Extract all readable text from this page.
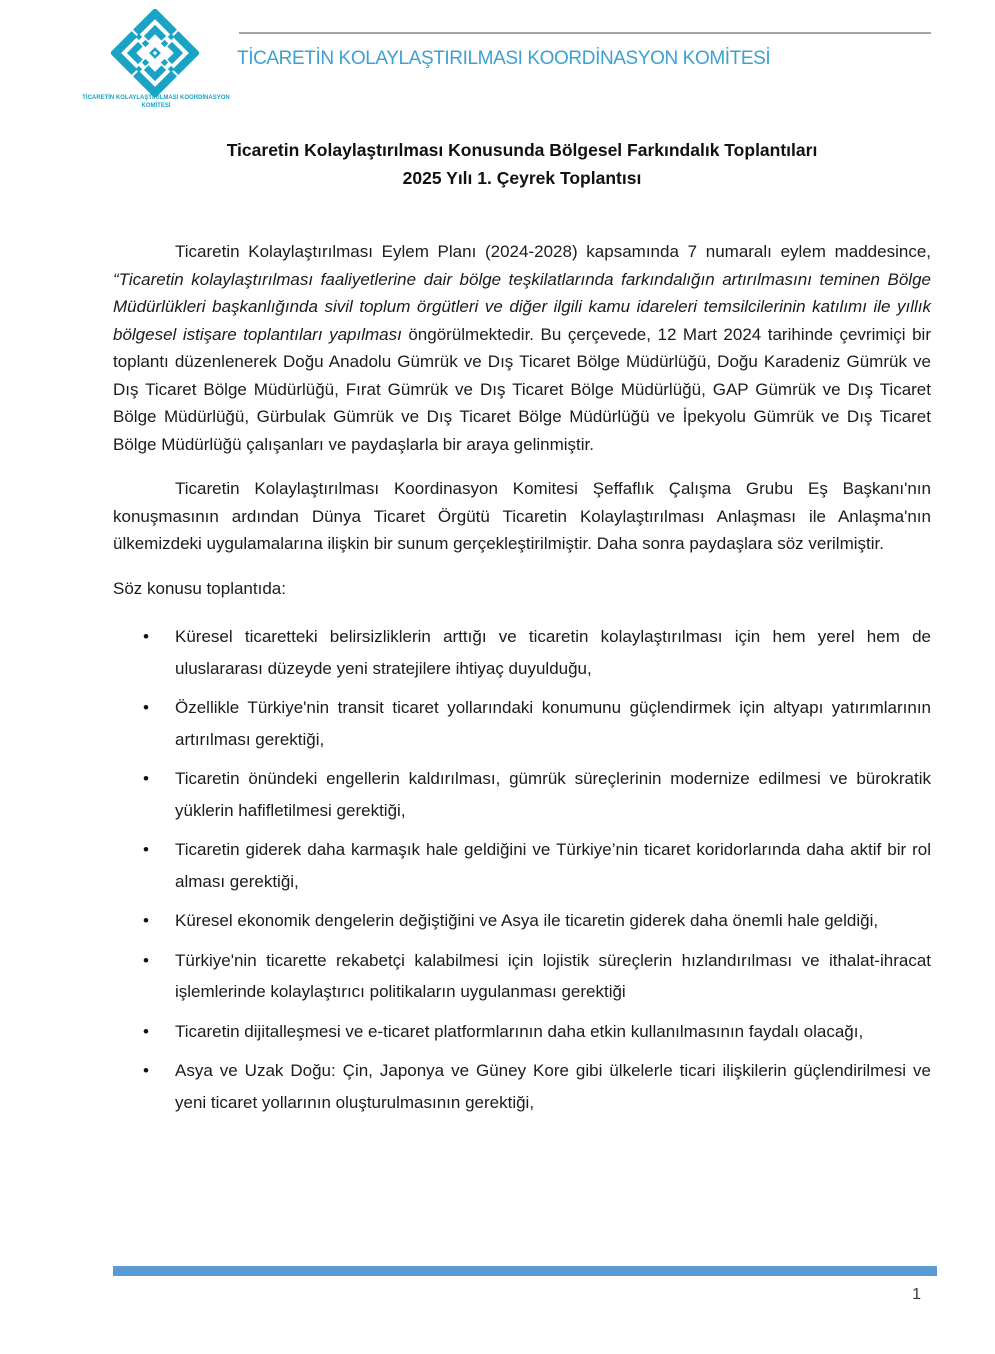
TİCARETİN KOLAYLAŞTIRILMASI KOORDİNASYON
KOMİTESİ
TİCARETİN KOLAYLAŞTIRILMASI KOORDİNASYON KOMİTESİ
Ticaretin Kolaylaştırılması Konusunda Bölgesel Farkındalık Toplantıları
2025 Yılı 1. Çeyrek Toplantısı

Ticaretin Kolaylaştırılması Eylem Planı (2024-2028) kapsamında 7 numaralı eylem maddesince, “Ticaretin kolaylaştırılması faaliyetlerine dair bölge teşkilatlarında farkındalığın artırılmasını teminen Bölge Müdürlükleri başkanlığında sivil toplum örgütleri ve diğer ilgili kamu idareleri temsilcilerinin katılımı ile yıllık bölgesel istişare toplantıları yapılması öngörülmektedir. Bu çerçevede, 12 Mart 2024 tarihinde çevrimiçi bir toplantı düzenlenerek Doğu Anadolu Gümrük ve Dış Ticaret Bölge Müdürlüğü, Doğu Karadeniz Gümrük ve Dış Ticaret Bölge Müdürlüğü, Fırat Gümrük ve Dış Ticaret Bölge Müdürlüğü, GAP Gümrük ve Dış Ticaret Bölge Müdürlüğü, Gürbulak Gümrük ve Dış Ticaret Bölge Müdürlüğü ve İpekyolu Gümrük ve Dış Ticaret Bölge Müdürlüğü çalışanları ve paydaşlarla bir araya gelinmiştir.

Ticaretin Kolaylaştırılması Koordinasyon Komitesi Şeffaflık Çalışma Grubu Eş Başkanı'nın konuşmasının ardından Dünya Ticaret Örgütü Ticaretin Kolaylaştırılması Anlaşması ile Anlaşma'nın ülkemizdeki uygulamalarına ilişkin bir sunum gerçekleştirilmiştir. Daha sonra paydaşlara söz verilmiştir.

Söz konusu toplantıda:

• Küresel ticaretteki belirsizliklerin arttığı ve ticaretin kolaylaştırılması için hem yerel hem de uluslararası düzeyde yeni stratejilere ihtiyaç duyulduğu,
• Özellikle Türkiye'nin transit ticaret yollarındaki konumunu güçlendirmek için altyapı yatırımlarının artırılması gerektiği,
• Ticaretin önündeki engellerin kaldırılması, gümrük süreçlerinin modernize edilmesi ve bürokratik yüklerin hafifletilmesi gerektiği,
• Ticaretin giderek daha karmaşık hale geldiğini ve Türkiye’nin ticaret koridorlarında daha aktif bir rol alması gerektiği,
• Küresel ekonomik dengelerin değiştiğini ve Asya ile ticaretin giderek daha önemli hale geldiği,
• Türkiye'nin ticarette rekabetçi kalabilmesi için lojistik süreçlerin hızlandırılması ve ithalat-ihracat işlemlerinde kolaylaştırıcı politikaların uygulanması gerektiği
• Ticaretin dijitalleşmesi ve e-ticaret platformlarının daha etkin kullanılmasının faydalı olacağı,
• Asya ve Uzak Doğu: Çin, Japonya ve Güney Kore gibi ülkelerle ticari ilişkilerin güçlendirilmesi ve yeni ticaret yollarının oluşturulmasının gerektiği,
1
